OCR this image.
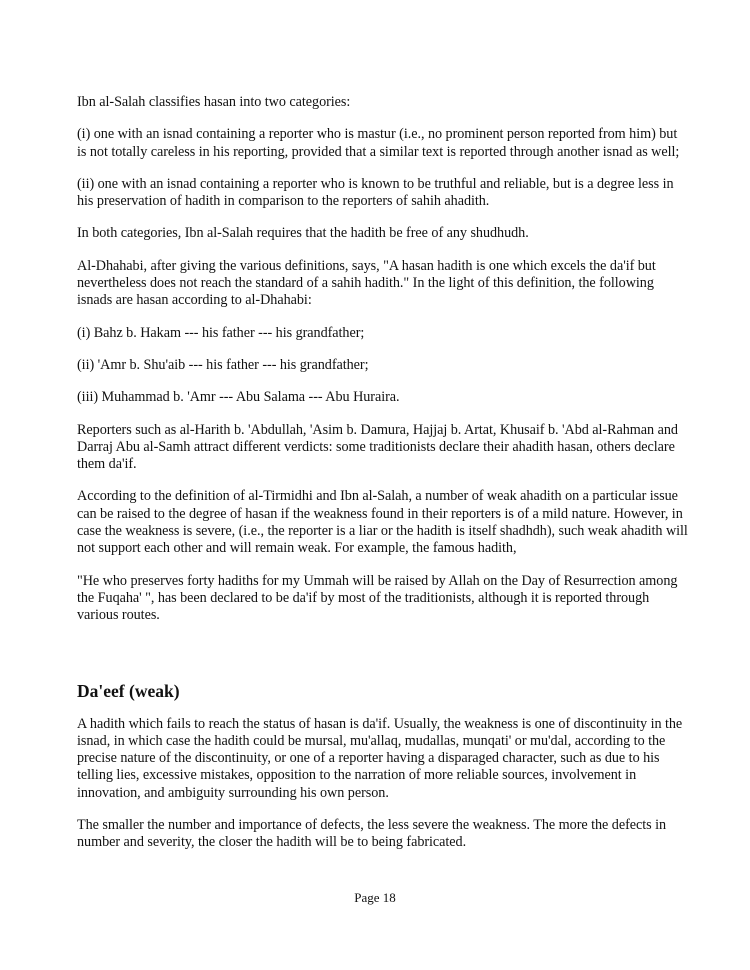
Ibn al-Salah classifies hasan into two categories:

(i) one with an isnad containing a reporter who is mastur (i.e., no prominent person reported from him) but is not totally careless in his reporting, provided that a similar text is reported through another isnad as well;

(ii) one with an isnad containing a reporter who is known to be truthful and reliable, but is a degree less in his preservation of hadith in comparison to the reporters of sahih ahadith.

In both categories, Ibn al-Salah requires that the hadith be free of any shudhudh.

Al-Dhahabi, after giving the various definitions, says, "A hasan hadith is one which excels the da'if but nevertheless does not reach the standard of a sahih hadith." In the light of this definition, the following isnads are hasan according to al-Dhahabi:

(i) Bahz b. Hakam --- his father --- his grandfather;

(ii) 'Amr b. Shu'aib --- his father --- his grandfather;

(iii) Muhammad b. 'Amr --- Abu Salama --- Abu Huraira.

Reporters such as al-Harith b. 'Abdullah, 'Asim b. Damura, Hajjaj b. Artat, Khusaif b. 'Abd al-Rahman and Darraj Abu al-Samh attract different verdicts: some traditionists declare their ahadith hasan, others declare them da'if.

According to the definition of al-Tirmidhi and Ibn al-Salah, a number of weak ahadith on a particular issue can be raised to the degree of hasan if the weakness found in their reporters is of a mild nature. However, in case the weakness is severe, (i.e., the reporter is a liar or the hadith is itself shadhdh), such weak ahadith will not support each other and will remain weak. For example, the famous hadith,

"He who preserves forty hadiths for my Ummah will be raised by Allah on the Day of Resurrection among the Fuqaha' ", has been declared to be da'if by most of the traditionists, although it is reported through various routes.

Da'eef (weak)

A hadith which fails to reach the status of hasan is da'if. Usually, the weakness is one of discontinuity in the isnad, in which case the hadith could be mursal, mu'allaq, mudallas, munqati' or mu'dal, according to the precise nature of the discontinuity, or one of a reporter having a disparaged character, such as due to his telling lies, excessive mistakes, opposition to the narration of more reliable sources, involvement in innovation, and ambiguity surrounding his own person.

The smaller the number and importance of defects, the less severe the weakness. The more the defects in number and severity, the closer the hadith will be to being fabricated.

Page 18
